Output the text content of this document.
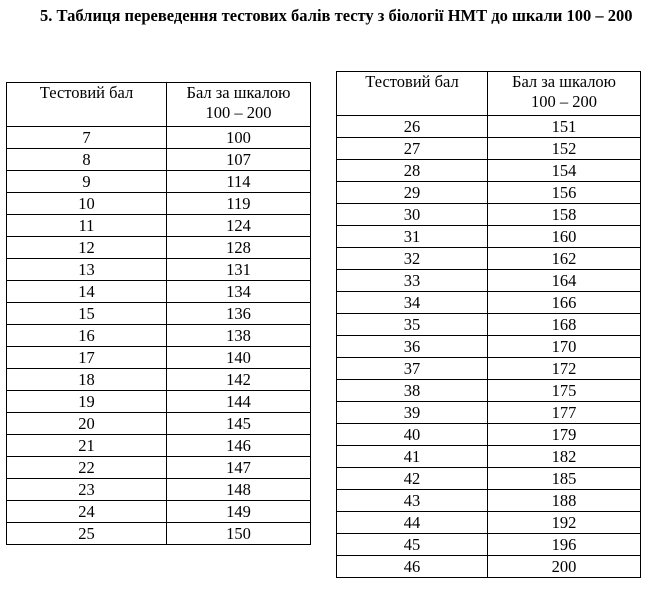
5. Таблиця переведення тестових балів тесту з біології НМТ до шкали 100 – 200

Тестовий бал	Бал за шкалою
100 – 200

7	100
8	107
9	114
10	119
11	124
12	128
13	131
14	134
15	136
16	138
17	140
18	142
19	144
20	145
21	146
22	147
23	148
24	149
25	150
Тестовий бал	Бал за шкалою
100 – 200

26	151
27	152
28	154
29	156
30	158
31	160
32	162
33	164
34	166
35	168
36	170
37	172
38	175
39	177
40	179
41	182
42	185
43	188
44	192
45	196
46	200
